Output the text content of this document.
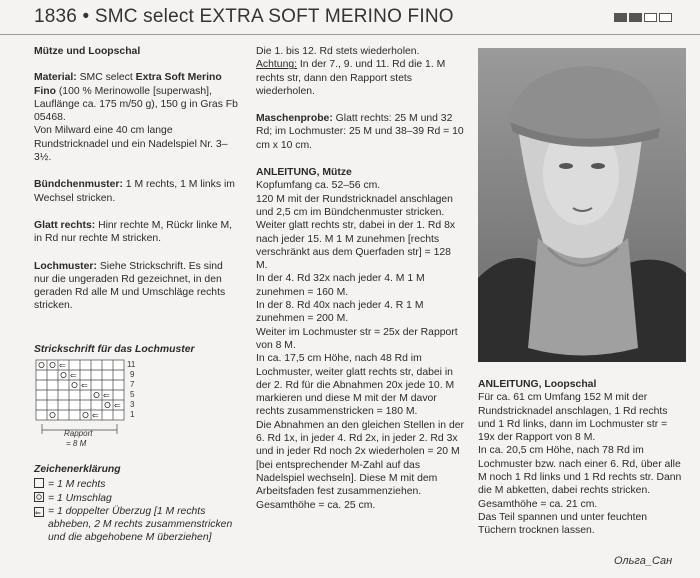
1836 • SMC select EXTRA SOFT MERINO FINO

Mütze und Loopschal

Material: SMC select Extra Soft Merino Fino (100 % Merinowolle [superwash], Lauflänge ca. 175 m/50 g), 150 g in Gras Fb 05468.

Von Milward eine 40 cm lange Rundstricknadel und ein Nadelspiel Nr. 3–3½.

Bündchenmuster: 1 M rechts, 1 M links im Wechsel stricken.

Glatt rechts: Hinr rechte M, Rückr linke M, in Rd nur rechte M stricken.

Lochmuster: Siehe Strickschrift. Es sind nur die ungeraden Rd gezeichnet, in den geraden Rd alle M und Umschläge rechts stricken.

Strickschrift für das Lochmuster
⇐
⇐
⇐
⇐
⇐
⇐
11
9
7
5
3
1
Rapport
= 8 M
Zeichenerklärung
= 1 M rechts
= 1 Umschlag
⇐ = 1 doppelter Überzug [1 M rechts abheben, 2 M rechts zusammenstricken und die abgehobene M überziehen]

Die 1. bis 12. Rd stets wiederholen.

Achtung: In der 7., 9. und 11. Rd die 1. M rechts str, dann den Rapport stets wiederholen.

Maschenprobe: Glatt rechts: 25 M und 32 Rd; im Lochmuster: 25 M und 38–39 Rd = 10 cm x 10 cm.

ANLEITUNG, Mütze

Kopfumfang ca. 52–56 cm.
120 M mit der Rundstricknadel anschlagen und 2,5 cm im Bündchenmuster stricken.
Weiter glatt rechts str, dabei in der 1. Rd 8x nach jeder 15. M 1 M zunehmen [rechts verschränkt aus dem Querfaden str] = 128 M.
In der 4. Rd 32x nach jeder 4. M 1 M zunehmen = 160 M.
In der 8. Rd 40x nach jeder 4. R 1 M zunehmen = 200 M.
Weiter im Lochmuster str = 25x der Rapport von 8 M.
In ca. 17,5 cm Höhe, nach 48 Rd im Lochmuster, weiter glatt rechts str, dabei in der 2. Rd für die Abnahmen 20x jede 10. M markieren und diese M mit der M davor rechts zusammenstricken = 180 M.
Die Abnahmen an den gleichen Stellen in der 6. Rd 1x, in jeder 4. Rd 2x, in jeder 2. Rd 3x und in jeder Rd noch 2x wiederholen = 20 M [bei entsprechender M-Zahl auf das Nadelspiel wechseln]. Diese M mit dem Arbeitsfaden fest zusammenziehen.
Gesamthöhe = ca. 25 cm.

ANLEITUNG, Loopschal

Für ca. 61 cm Umfang 152 M mit der Rundstricknadel anschlagen, 1 Rd rechts und 1 Rd links, dann im Lochmuster str = 19x der Rapport von 8 M.
In ca. 20,5 cm Höhe, nach 78 Rd im Lochmuster bzw. nach einer 6. Rd, über alle M noch 1 Rd links und 1 Rd rechts str. Dann die M abketten, dabei rechts stricken.
Gesamthöhe = ca. 21 cm.
Das Teil spannen und unter feuchten Tüchern trocknen lassen.
Ольга_Сан
